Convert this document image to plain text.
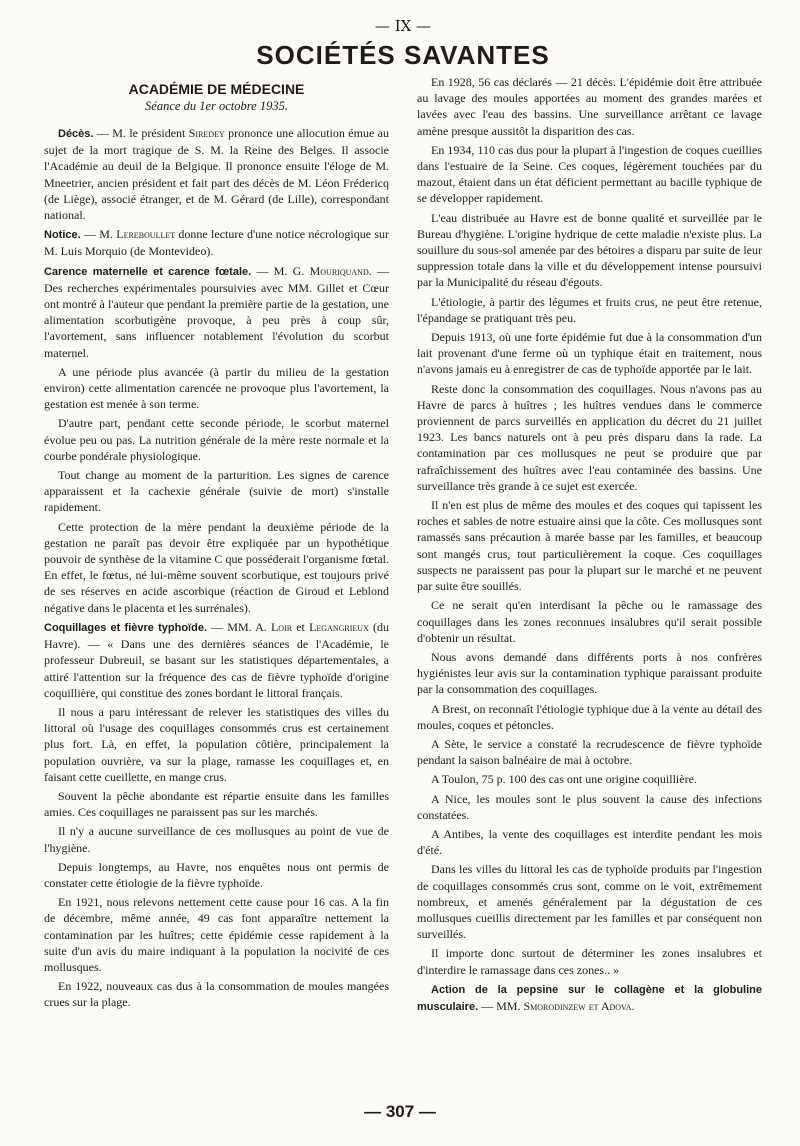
— IX —
SOCIÉTÉS SAVANTES
ACADÉMIE DE MÉDECINE
Séance du 1er octobre 1935.

Décès. — M. le président Siredey prononce une allocution émue au sujet de la mort tragique de S. M. la Reine des Belges. Il associe l'Académie au deuil de la Belgique. Il prononce ensuite l'éloge de M. Mneetrier, ancien président et fait part des décès de M. Léon Frédericq (de Liège), associé étranger, et de M. Gérard (de Lille), correspondant national.

Notice. — M. Lereboullet donne lecture d'une notice nécrologique sur M. Luis Morquio (de Montevideo).

Carence maternelle et carence fœtale. — M. G. Mouriquand. — Des recherches expérimentales poursuivies avec MM. Gillet et Cœur ont montré à l'auteur que pendant la première partie de la gestation, une alimentation scorbutigène provoque, à peu près à coup sûr, l'avortement, sans influencer notablement l'évolution du scorbut maternel.

A une période plus avancée (à partir du milieu de la gestation environ) cette alimentation carencée ne provoque plus l'avortement, la gestation est menée à son terme.

D'autre part, pendant cette seconde période, le scorbut maternel évolue peu ou pas. La nutrition générale de la mère reste normale et la courbe pondérale physiologique.

Tout change au moment de la parturition. Les signes de carence apparaissent et la cachexie générale (suivie de mort) s'installe rapidement.

Cette protection de la mère pendant la deuxième période de la gestation ne paraît pas devoir être expliquée par un hypothétique pouvoir de synthèse de la vitamine C que posséderait l'organisme fœtal. En effet, le fœtus, né lui-même souvent scorbutique, est toujours privé de ses réserves en acide ascorbique (réaction de Giroud et Leblond négative dans le placenta et les surrénales).

Coquillages et fièvre typhoïde. — MM. A. Loir et Legangrieux (du Havre). — « Dans une des dernières séances de l'Académie, le professeur Dubreuil, se basant sur les statistiques départementales, a attiré l'attention sur la fréquence des cas de fièvre typhoïde d'origine coquillière, qui constitue des zones bordant le littoral français.

Il nous a paru intéressant de relever les statistiques des villes du littoral où l'usage des coquillages consommés crus est certainement plus fort. Là, en effet, la population côtière, principalement la population ouvrière, va sur la plage, ramasse les coquillages et, en faisant cette cueillette, en mange crus.

Souvent la pêche abondante est répartie ensuite dans les familles amies. Ces coquillages ne paraissent pas sur les marchés.

Il n'y a aucune surveillance de ces mollusques au point de vue de l'hygiène.

Depuis longtemps, au Havre, nos enquêtes nous ont permis de constater cette étiologie de la fièvre typhoïde.

En 1921, nous relevons nettement cette cause pour 16 cas. A la fin de décembre, même année, 49 cas font apparaître nettement la contamination par les huîtres; cette épidémie cesse rapidement à la suite d'un avis du maire indiquant à la population la nocivité de ces mollusques.

En 1922, nouveaux cas dus à la consommation de moules mangées crues sur la plage.

En 1928, 56 cas déclarés — 21 décès. L'épidémie doit être attribuée au lavage des moules apportées au moment des grandes marées et lavées avec l'eau des bassins. Une surveillance arrêtant ce lavage amène presque aussitôt la disparition des cas.

En 1934, 110 cas dus pour la plupart à l'ingestion de coques cueillies dans l'estuaire de la Seine. Ces coques, légèrement touchées par du mazout, étaient dans un état déficient permettant au bacille typhique de se développer rapidement.

L'eau distribuée au Havre est de bonne qualité et surveillée par le Bureau d'hygiène. L'origine hydrique de cette maladie n'existe plus. La souillure du sous-sol amenée par des bétoires a disparu par suite de leur suppression totale dans la ville et du développement intense poursuivi par la Municipalité du réseau d'égouts.

L'étiologie, à partir des légumes et fruits crus, ne peut être retenue, l'épandage se pratiquant très peu.

Depuis 1913, où une forte épidémie fut due à la consommation d'un lait provenant d'une ferme où un typhique était en traitement, nous n'avons jamais eu à enregistrer de cas de typhoïde apportée par le lait.

Reste donc la consommation des coquillages. Nous n'avons pas au Havre de parcs à huîtres ; les huîtres vendues dans le commerce proviennent de parcs surveillés en application du décret du 21 juillet 1923. Les bancs naturels ont à peu près disparu dans la rade. La contamination par ces mollusques ne peut se produire que par rafraîchissement des huîtres avec l'eau contaminée des bassins. Une surveillance très grande à ce sujet est exercée.

Il n'en est plus de même des moules et des coques qui tapissent les roches et sables de notre estuaire ainsi que la côte. Ces mollusques sont ramassés sans précaution à marée basse par les familles, et beaucoup sont mangés crus, tout particulièrement la coque. Ces coquillages suspects ne paraissent pas pour la plupart sur le marché et ne peuvent par suite être souillés.

Ce ne serait qu'en interdisant la pêche ou le ramassage des coquillages dans les zones reconnues insalubres qu'il serait possible d'obtenir un résultat.

Nous avons demandé dans différents ports à nos confrères hygiénistes leur avis sur la contamination typhique paraissant produite par la consommation des coquillages.

A Brest, on reconnaît l'étiologie typhique due à la vente au détail des moules, coques et pétoncles.

A Sète, le service a constaté la recrudescence de fièvre typhoïde pendant la saison balnéaire de mai à octobre.

A Toulon, 75 p. 100 des cas ont une origine coquillière.

A Nice, les moules sont le plus souvent la cause des infections constatées.

A Antibes, la vente des coquillages est interdite pendant les mois d'été.

Dans les villes du littoral les cas de typhoïde produits par l'ingestion de coquillages consommés crus sont, comme on le voit, extrêmement nombreux, et amenés généralement par la dégustation de ces mollusques cueillis directement par les familles et par conséquent non surveillés.

Il importe donc surtout de déterminer les zones insalubres et d'interdire le ramassage dans ces zones.. »

Action de la pepsine sur le collagène et la globuline musculaire. — MM. Smorodinzew et Adova.

— 307 —
